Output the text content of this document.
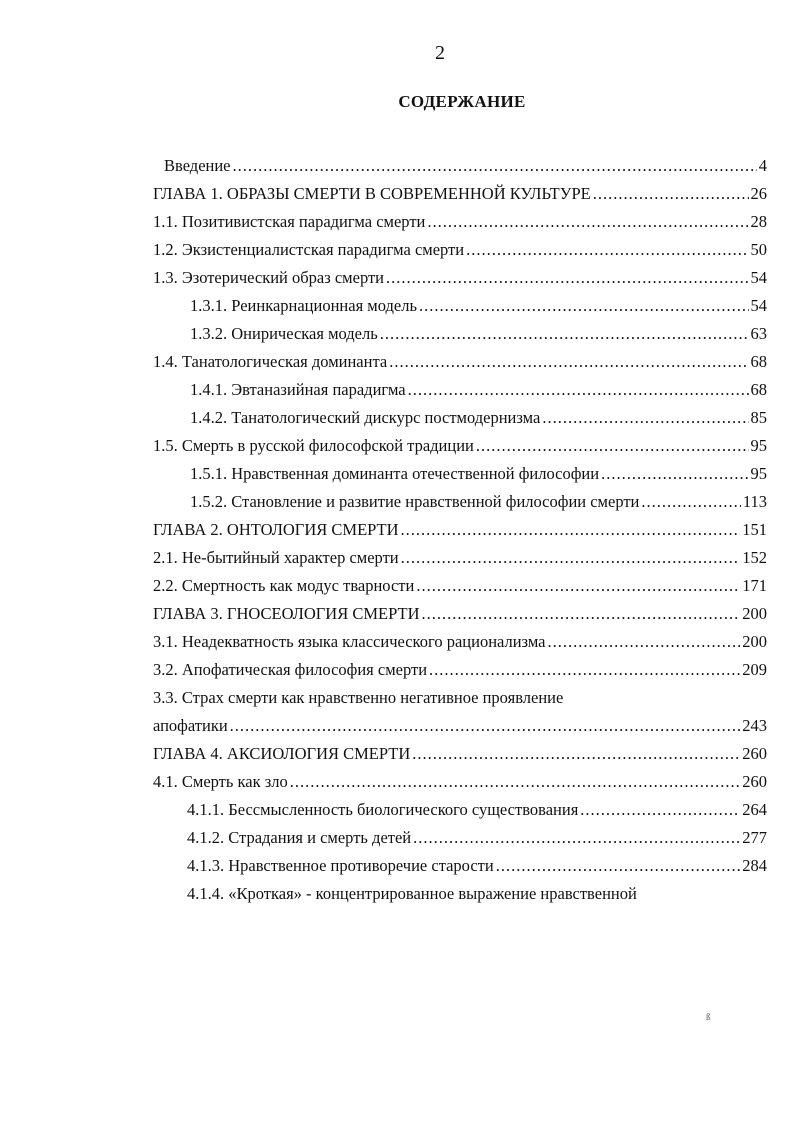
2
СОДЕРЖАНИЕ
Введение .....	4
ГЛАВА 1. ОБРАЗЫ СМЕРТИ В СОВРЕМЕННОЙ КУЛЬТУРЕ .....	26
1.1. Позитивистская парадигма смерти .....	28
1.2. Экзистенциалистская парадигма смерти .....	50
1.3. Эзотерический образ смерти .....	54
1.3.1. Реинкарнационная модель .....	54
1.3.2. Онирическая модель .....	63
1.4. Танатологическая доминанта .....	68
1.4.1. Эвтаназийная парадигма .....	68
1.4.2. Танатологический дискурс постмодернизма .....	85
1.5. Смерть в русской философской традиции .....	95
1.5.1. Нравственная доминанта отечественной философии .....	95
1.5.2. Становление и развитие нравственной философии смерти .....	113
ГЛАВА 2. ОНТОЛОГИЯ СМЕРТИ .....	151
2.1. Не-бытийный характер смерти .....	152
2.2. Смертность как модус тварности .....	171
ГЛАВА 3. ГНОСЕОЛОГИЯ СМЕРТИ .....	200
3.1. Неадекватность языка классического рационализма .....	200
3.2. Апофатическая философия смерти .....	209
3.3. Страх смерти как нравственно негативное проявление
апофатики .....	243
ГЛАВА 4. АКСИОЛОГИЯ СМЕРТИ .....	260
4.1. Смерть как зло .....	260
4.1.1. Бессмысленность биологического существования .....	264
4.1.2. Страдания и смерть детей .....	277
4.1.3. Нравственное противоречие старости .....	284
4.1.4. «Кроткая» - концентрированное выражение нравственной
ß
